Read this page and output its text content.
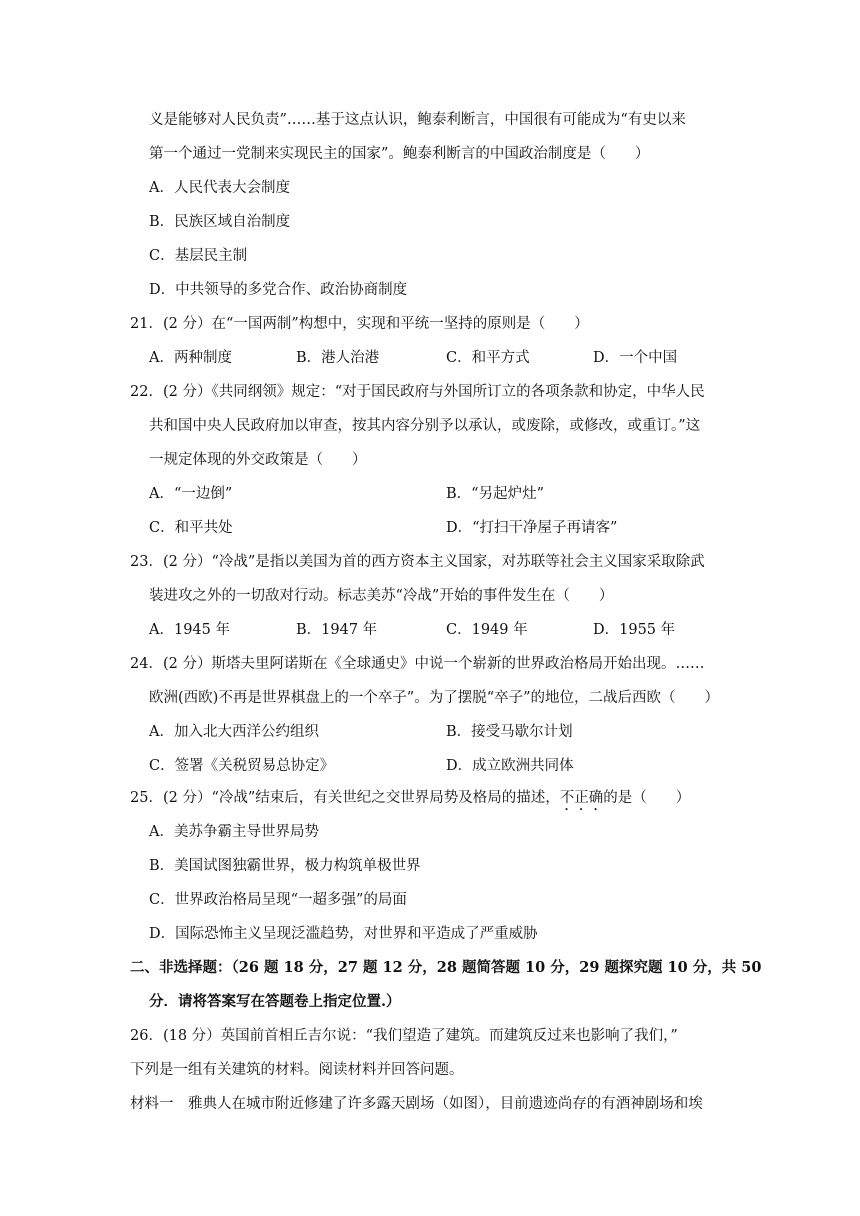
义是能够对人民负责”……基于这点认识，鲍泰利断言，中国很有可能成为“有史以来
第一个通过一党制来实现民主的国家”。鲍泰利断言的中国政治制度是（　　）
A．人民代表大会制度
B．民族区域自治制度
C．基层民主制
D．中共领导的多党合作、政治协商制度
21．(2 分）在“一国两制”构想中，实现和平统一坚持的原则是（　　）
A．两种制度	B．港人治港	C．和平方式	D．一个中国
22．(2 分）《共同纲领》规定：“对于国民政府与外国所订立的各项条款和协定，中华人民
共和国中央人民政府加以审查，按其内容分别予以承认，或废除，或修改，或重订。”这
一规定体现的外交政策是（　　）
A．“一边倒”	B．“另起炉灶”
C．和平共处	D．“打扫干净屋子再请客”
23．(2 分）“冷战”是指以美国为首的西方资本主义国家，对苏联等社会主义国家采取除武
装进攻之外的一切敌对行动。标志美苏“冷战”开始的事件发生在（　　）
A．1945 年	B．1947 年	C．1949 年	D．1955 年
24．(2 分）斯塔夫里阿诺斯在《全球通史》中说一个崭新的世界政治格局开始出现。……
欧洲(西欧)不再是世界棋盘上的一个卒子”。为了摆脱“卒子”的地位，二战后西欧（　　）
A．加入北大西洋公约组织	B．接受马歇尔计划
C．签署《关税贸易总协定》	D．成立欧洲共同体
25．(2 分）“冷战”结束后，有关世纪之交世界局势及格局的描述，不正确的是（　　）
A．美苏争霸主导世界局势
B．美国试图独霸世界，极力构筑单极世界
C．世界政治格局呈现“一超多强”的局面
D．国际恐怖主义呈现泛滥趋势，对世界和平造成了严重威胁
二、非选择题：（26 题 18 分，27 题 12 分，28 题简答题 10 分，29 题探究题 10 分，共 50
分．请将答案写在答题卷上指定位置.）
26．(18 分）英国前首相丘吉尔说：“我们望造了建筑。而建筑反过来也影响了我们，”
下列是一组有关建筑的材料。阅读材料并回答问题。
材料一　雅典人在城市附近修建了许多露天剧场（如图），目前遗迹尚存的有酒神剧场和埃
